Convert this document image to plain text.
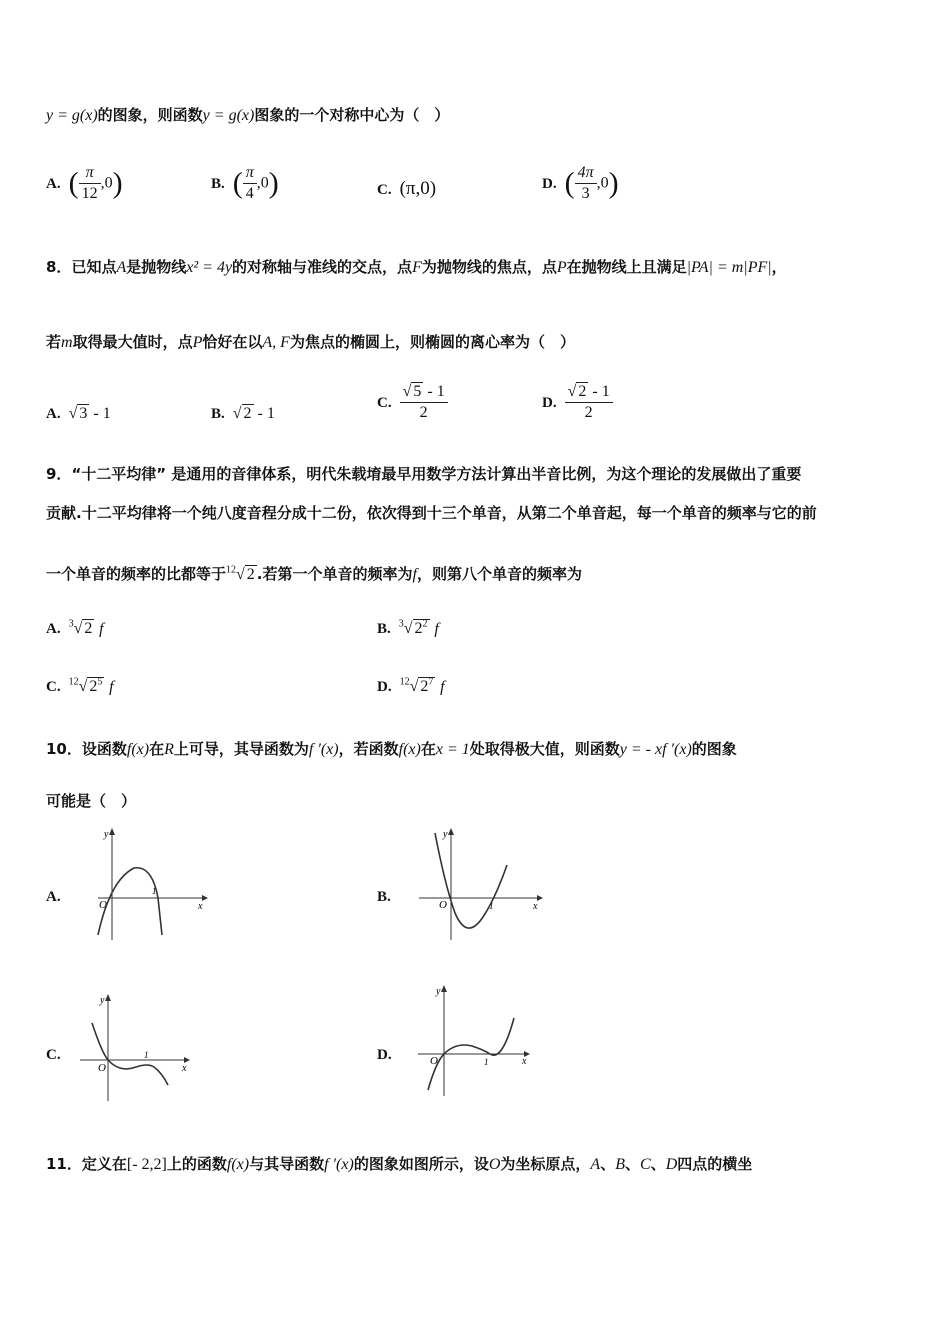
y = g(x)的图象，则函数y = g(x)图象的一个对称中心为（　）
A. ( $\frac{\pi}{12} ,0$)	B. ( $\frac{\pi}{4} ,0$)	C. (π,0)	D. ( $\frac{4\pi}{3} ,0$)
8．已知点A是抛物线x² = 4y的对称轴与准线的交点，点F为抛物线的焦点，点P在抛物线上且满足|PA| = m|PF|，
若m取得最大值时，点P恰好在以A, F为焦点的椭圆上，则椭圆的离心率为（　）
A. √ 3 - 1	B. √ 2 - 1
C. $\frac{√ 5 - 1}{2}$	D. $\frac{√ 2 - 1}{2}$
9．“十二平均律” 是通用的音律体系，明代朱载堉最早用数学方法计算出半音比例，为这个理论的发展做出了重要
贡献.十二平均律将一个纯八度音程分成十二份，依次得到十三个单音，从第二个单音起，每一个单音的频率与它的前
一个单音的频率的比都等于$^{12}$√ 2 .若第一个单音的频率为f，则第八个单音的频率为
A. $^3$√ 2 f	B. $^3$√ $2^2$ f
C. $^{12}$√ $2^5$ f	D. $^{12}$√ $2^7$ f
10．设函数f(x)在R上可导，其导函数为f ′(x)，若函数f(x)在x = 1处取得极大值，则函数y = - xf ′(x)的图象
可能是（　）
A.
y
x
O
1	B.
y
x
O	1
C.
y
x
O
1	D.
y
x
O	1
11．定义在[- 2,2]上的函数f(x)与其导函数f ′(x)的图象如图所示，设O为坐标原点，A、B、C、D四点的横坐
